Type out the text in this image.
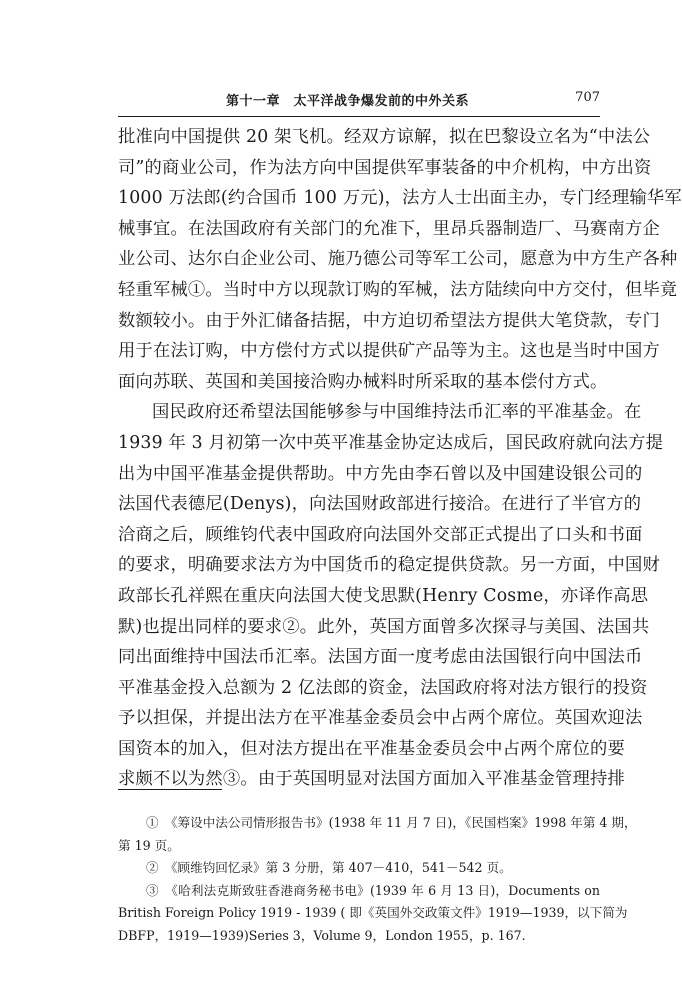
第十一章　太平洋战争爆发前的中外关系	707
批准向中国提供 20 架飞机。经双方谅解，拟在巴黎设立名为“中法公
司”的商业公司，作为法方向中国提供军事装备的中介机构，中方出资
1000 万法郎(约合国币 100 万元)，法方人士出面主办，专门经理输华军
械事宜。在法国政府有关部门的允准下，里昂兵器制造厂、马赛南方企
业公司、达尔白企业公司、施乃德公司等军工公司，愿意为中方生产各种
轻重军械①。当时中方以现款订购的军械，法方陆续向中方交付，但毕竟
数额较小。由于外汇储备拮据，中方迫切希望法方提供大笔贷款，专门
用于在法订购，中方偿付方式以提供矿产品等为主。这也是当时中国方
面向苏联、英国和美国接洽购办械料时所采取的基本偿付方式。
国民政府还希望法国能够参与中国维持法币汇率的平准基金。在
1939 年 3 月初第一次中英平准基金协定达成后，国民政府就向法方提
出为中国平准基金提供帮助。中方先由李石曾以及中国建设银公司的
法国代表德尼(Denys)，向法国财政部进行接洽。在进行了半官方的
洽商之后，顾维钧代表中国政府向法国外交部正式提出了口头和书面
的要求，明确要求法方为中国货币的稳定提供贷款。另一方面，中国财
政部长孔祥熙在重庆向法国大使戈思默(Henry Cosme，亦译作高思
默)也提出同样的要求②。此外，英国方面曾多次探寻与美国、法国共
同出面维持中国法币汇率。法国方面一度考虑由法国银行向中国法币
平准基金投入总额为 2 亿法郎的资金，法国政府将对法方银行的投资
予以担保，并提出法方在平准基金委员会中占两个席位。英国欢迎法
国资本的加入，但对法方提出在平准基金委员会中占两个席位的要
求颇不以为然③。由于英国明显对法国方面加入平准基金管理持排
①　《筹设中法公司情形报告书》(1938 年 11 月 7 日)，《民国档案》1998 年第 4 期，
第 19 页。
②　《顾维钧回忆录》第 3 分册，第 407－410，541－542 页。
③　《哈利法克斯致驻香港商务秘书电》(1939 年 6 月 13 日)，Documents on
British Foreign Policy 1919 - 1939 ( 即《英国外交政策文件》1919—1939，以下简为
DBFP，1919—1939)Series 3，Volume 9，London 1955，p. 167.
